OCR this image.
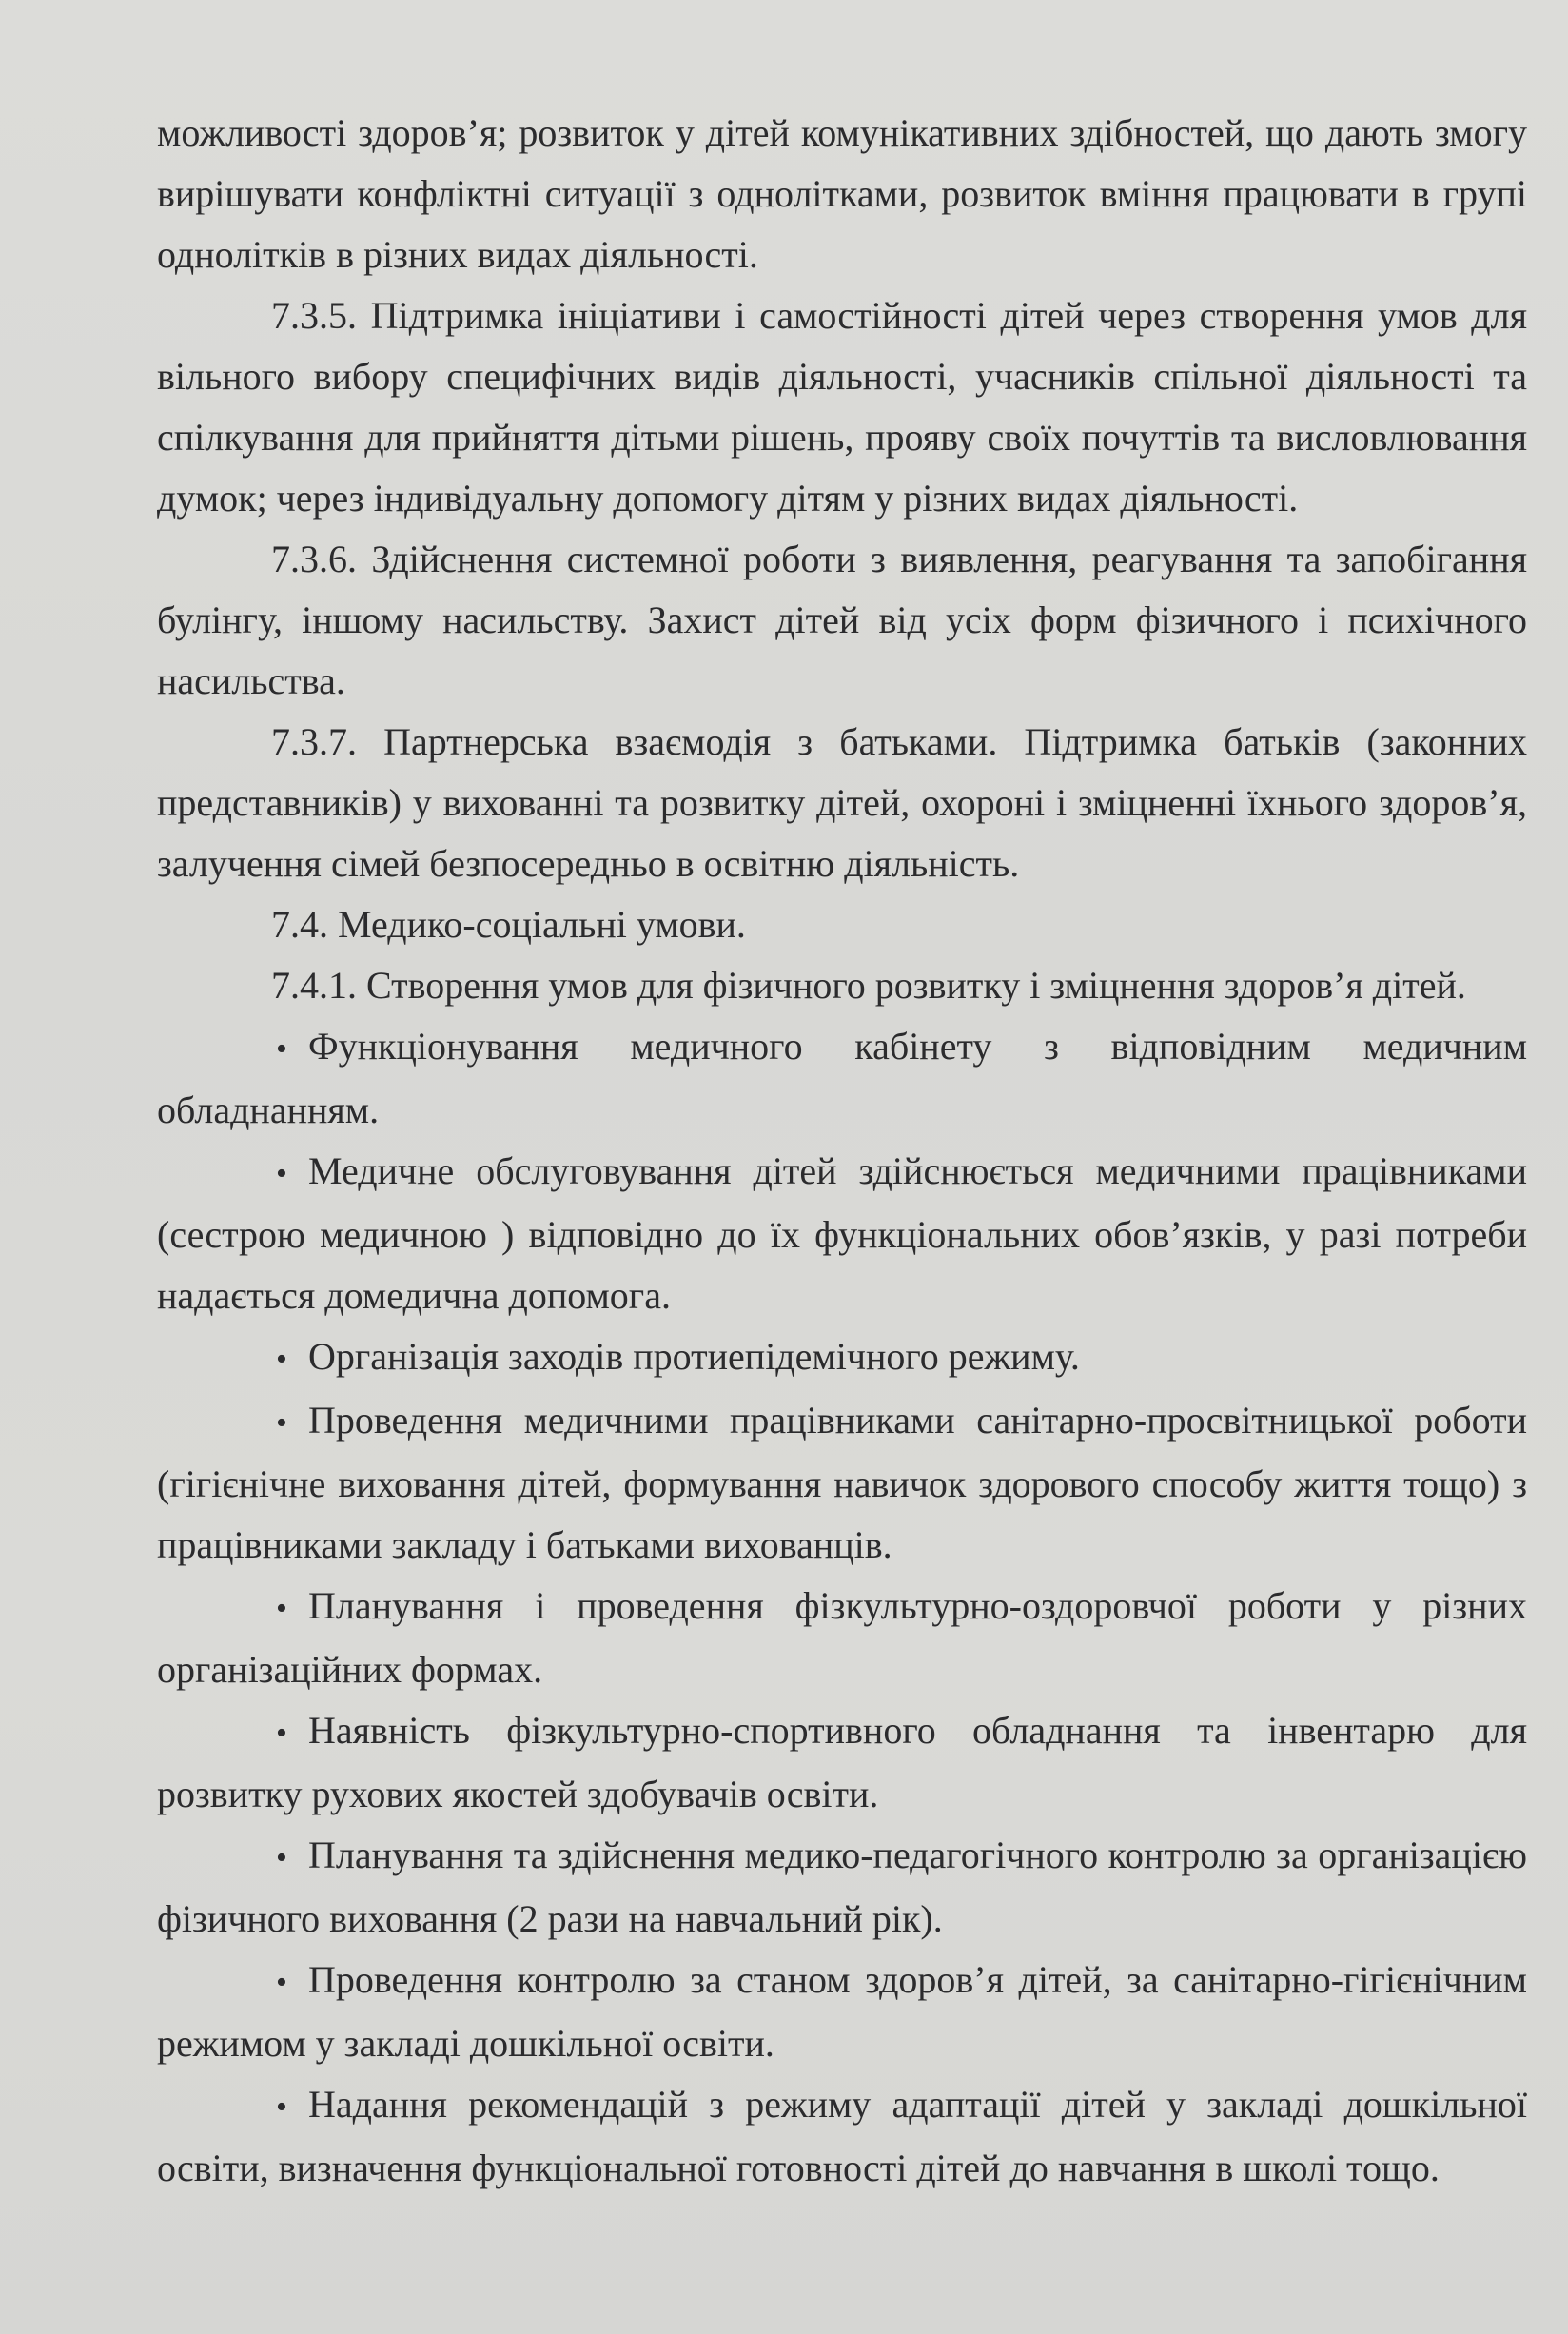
можливості здоров’я; розвиток у дітей комунікативних здібностей, що дають змогу вирішувати конфліктні ситуації з однолітками, розвиток вміння працювати в групі однолітків в різних видах діяльності.

7.3.5. Підтримка ініціативи і самостійності дітей через створення умов для вільного вибору специфічних видів діяльності, учасників спільної діяльності та спілкування для прийняття дітьми рішень, прояву своїх почуттів та висловлювання думок; через індивідуальну допомогу дітям у різних видах діяльності.

7.3.6. Здійснення системної роботи з виявлення, реагування та запобігання булінгу, іншому насильству. Захист дітей від усіх форм фізичного і психічного насильства.

7.3.7. Партнерська взаємодія з батьками. Підтримка батьків (законних представників) у вихованні та розвитку дітей, охороні і зміцненні їхнього здоров’я, залучення сімей безпосередньо в освітню діяльність.

7.4. Медико-соціальні умови.

7.4.1. Створення умов для фізичного розвитку і зміцнення здоров’я дітей.

• Функціонування медичного кабінету з відповідним медичним обладнанням.

• Медичне обслуговування дітей здійснюється медичними працівниками (сестрою медичною ) відповідно до їх функціональних обов’язків, у разі потреби надається домедична допомога.

• Організація заходів протиепідемічного режиму.

• Проведення медичними працівниками санітарно-просвітницької роботи (гігієнічне виховання дітей, формування навичок здорового способу життя тощо) з працівниками закладу і батьками вихованців.

• Планування і проведення фізкультурно-оздоровчої роботи у різних організаційних формах.

• Наявність фізкультурно-спортивного обладнання та інвентарю для розвитку рухових якостей здобувачів освіти.

• Планування та здійснення медико-педагогічного контролю за організацією фізичного виховання (2 рази на навчальний рік).

• Проведення контролю за станом здоров’я дітей, за санітарно-гігієнічним режимом у закладі дошкільної освіти.

• Надання рекомендацій з режиму адаптації дітей у закладі дошкільної освіти, визначення функціональної готовності дітей до навчання в школі тощо.
